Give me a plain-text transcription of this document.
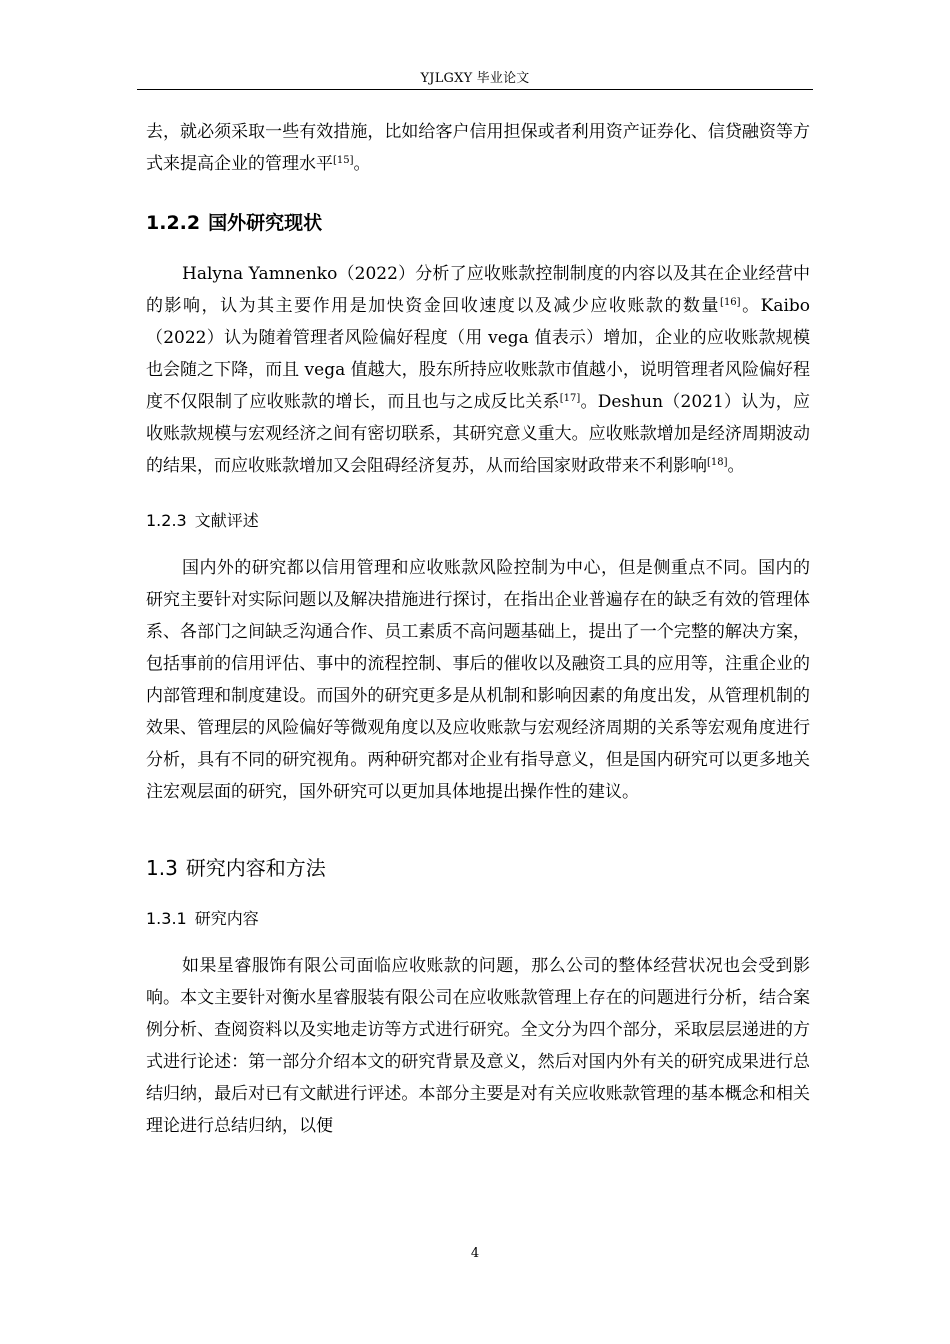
YJLGXY 毕业论文

去，就必须采取一些有效措施，比如给客户信用担保或者利用资产证券化、信贷融资等方式来提高企业的管理水平[15]。

1.2.2 国外研究现状

Halyna Yamnenko（2022）分析了应收账款控制制度的内容以及其在企业经营中的影响，认为其主要作用是加快资金回收速度以及减少应收账款的数量[16]。Kaibo（2022）认为随着管理者风险偏好程度（用 vega 值表示）增加，企业的应收账款规模也会随之下降，而且 vega 值越大，股东所持应收账款市值越小，说明管理者风险偏好程度不仅限制了应收账款的增长，而且也与之成反比关系[17]。Deshun（2021）认为，应收账款规模与宏观经济之间有密切联系，其研究意义重大。应收账款增加是经济周期波动的结果，而应收账款增加又会阻碍经济复苏，从而给国家财政带来不利影响[18]。

1.2.3 文献评述

国内外的研究都以信用管理和应收账款风险控制为中心，但是侧重点不同。国内的研究主要针对实际问题以及解决措施进行探讨，在指出企业普遍存在的缺乏有效的管理体系、各部门之间缺乏沟通合作、员工素质不高问题基础上，提出了一个完整的解决方案，包括事前的信用评估、事中的流程控制、事后的催收以及融资工具的应用等，注重企业的内部管理和制度建设。而国外的研究更多是从机制和影响因素的角度出发，从管理机制的效果、管理层的风险偏好等微观角度以及应收账款与宏观经济周期的关系等宏观角度进行分析，具有不同的研究视角。两种研究都对企业有指导意义，但是国内研究可以更多地关注宏观层面的研究，国外研究可以更加具体地提出操作性的建议。

1.3 研究内容和方法
1.3.1 研究内容

如果星睿服饰有限公司面临应收账款的问题，那么公司的整体经营状况也会受到影响。本文主要针对衡水星睿服装有限公司在应收账款管理上存在的问题进行分析，结合案例分析、查阅资料以及实地走访等方式进行研究。全文分为四个部分，采取层层递进的方式进行论述：第一部分介绍本文的研究背景及意义，然后对国内外有关的研究成果进行总结归纳，最后对已有文献进行评述。本部分主要是对有关应收账款管理的基本概念和相关理论进行总结归纳，以便

4
